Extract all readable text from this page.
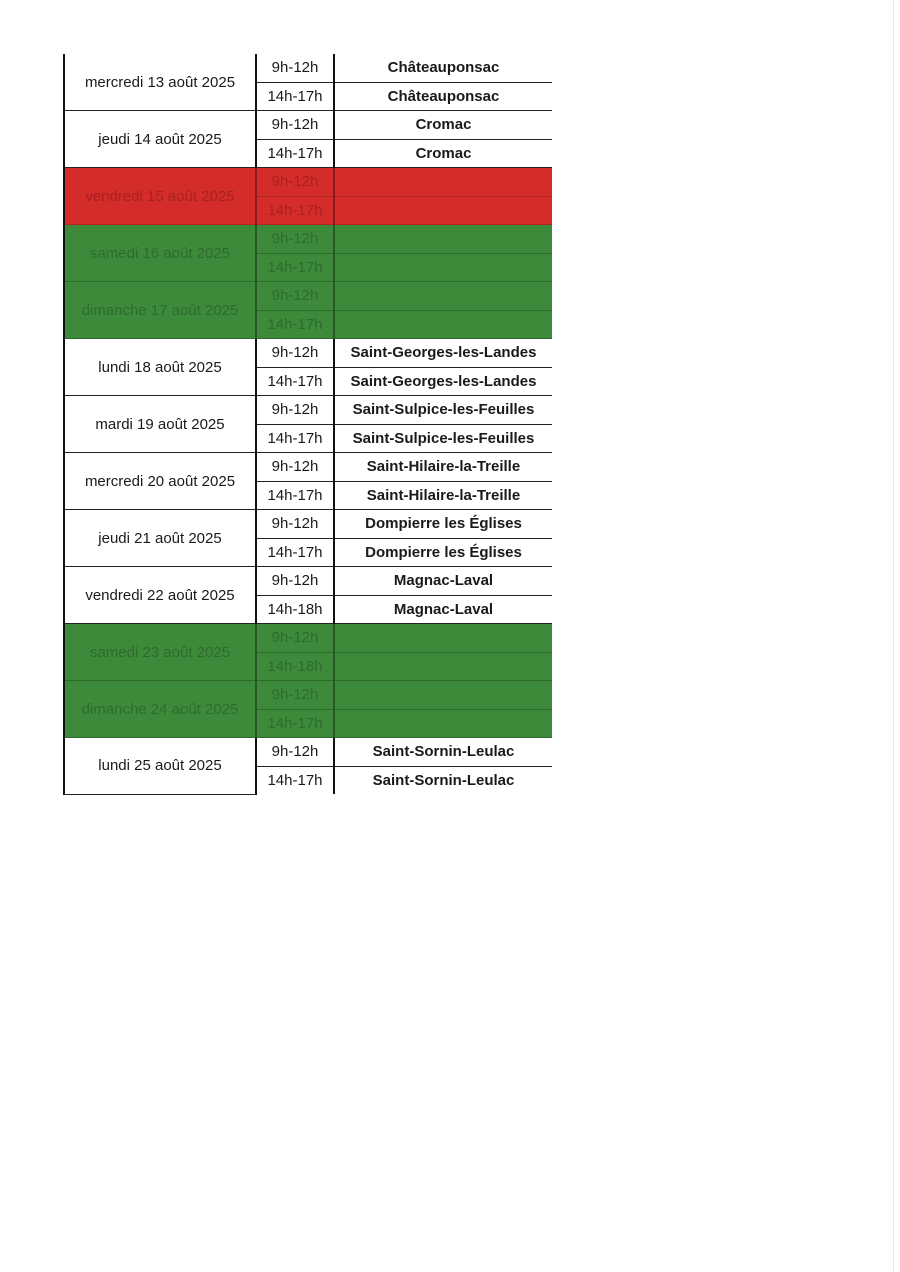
mercredi 13 août 2025	9h-12h	Châteauponsac
	14h-17h	Châteauponsac
jeudi 14 août 2025	9h-12h	Cromac
	14h-17h	Cromac
vendredi 15 août 2025	9h-12h	
	14h-17h	
samedi 16 août 2025	9h-12h	
	14h-17h	
dimanche 17 août 2025	9h-12h	
	14h-17h	
lundi 18 août 2025	9h-12h	Saint-Georges-les-Landes
	14h-17h	Saint-Georges-les-Landes
mardi 19 août 2025	9h-12h	Saint-Sulpice-les-Feuilles
	14h-17h	Saint-Sulpice-les-Feuilles
mercredi 20 août 2025	9h-12h	Saint-Hilaire-la-Treille
	14h-17h	Saint-Hilaire-la-Treille
jeudi 21 août 2025	9h-12h	Dompierre les Églises
	14h-17h	Dompierre les Églises
vendredi 22 août 2025	9h-12h	Magnac-Laval
	14h-18h	Magnac-Laval
samedi 23 août 2025	9h-12h	
	14h-18h	
dimanche 24 août 2025	9h-12h	
	14h-17h	
lundi 25 août 2025	9h-12h	Saint-Sornin-Leulac
	14h-17h	Saint-Sornin-Leulac
